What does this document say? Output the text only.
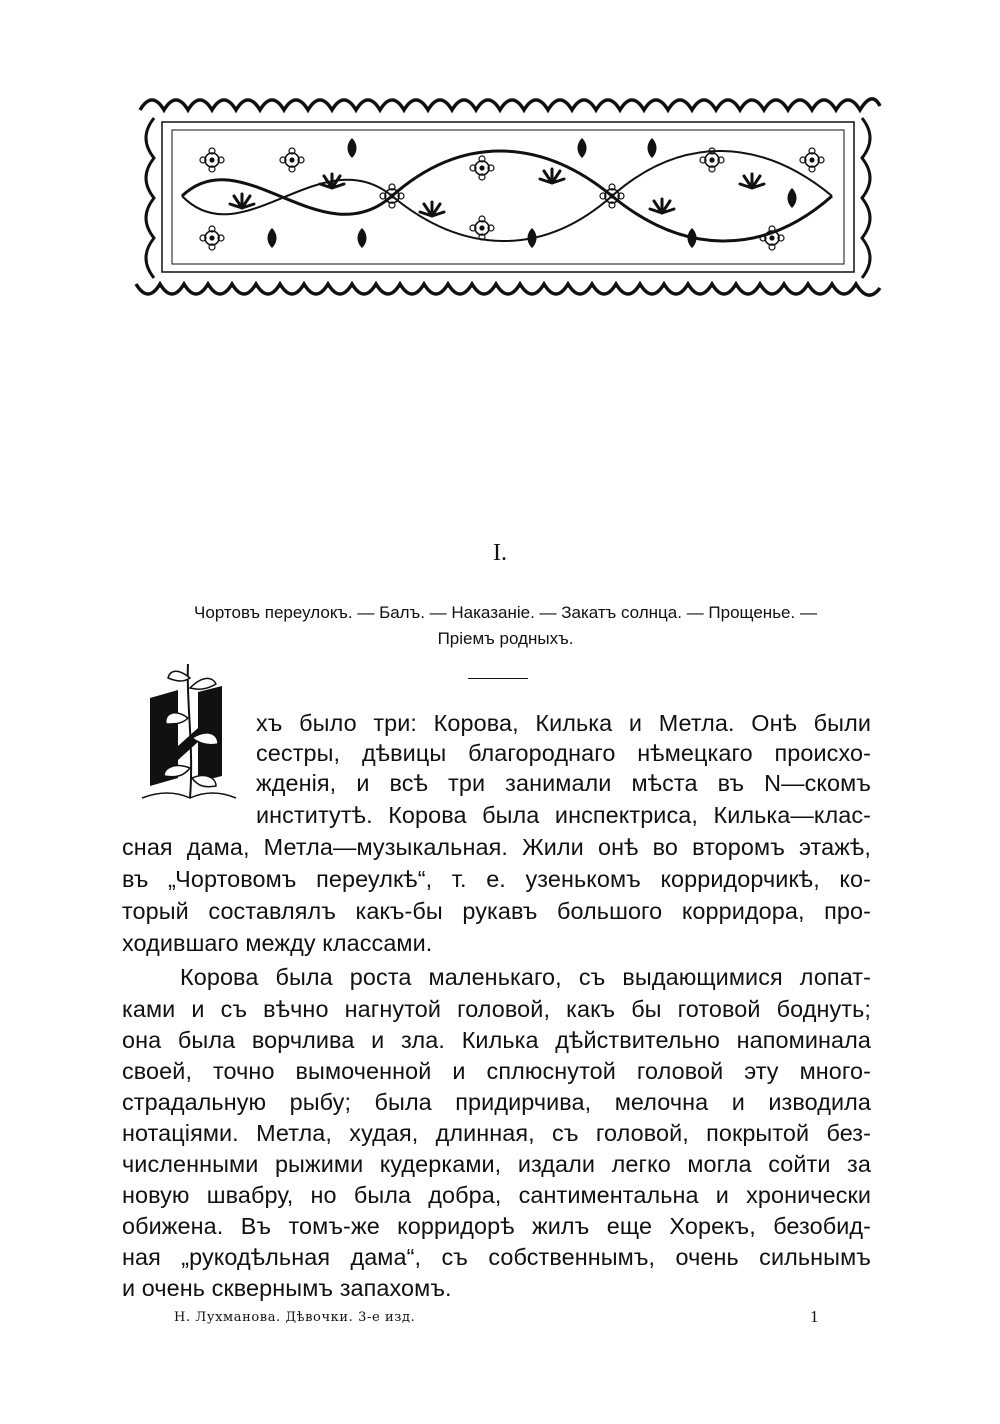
I.
Чортовъ переулокъ. — Балъ. — Наказаніе. — Закатъ солнца. — Прощенье. —
Пріемъ родныхъ.
И
хъ было три: Корова, Килька и Метла. Онѣ были
сестры, дѣвицы благороднаго нѣмецкаго происхо-
жденія, и всѣ три занимали мѣста въ N—скомъ
институтѣ. Корова была инспектриса, Килька—клас-
сная дама, Метла—музыкальная. Жили онѣ во второмъ этажѣ,
въ „Чортовомъ переулкѣ“, т. е. узенькомъ корридорчикѣ, ко-
торый составлялъ какъ-бы рукавъ большого корридора, про-
ходившаго между классами.
Корова была роста маленькаго, съ выдающимися лопат-
ками и съ вѣчно нагнутой головой, какъ бы готовой боднуть;
она была ворчлива и зла. Килька дѣйствительно напоминала
своей, точно вымоченной и сплюснутой головой эту много-
страдальную рыбу; была придирчива, мелочна и изводила
нотаціями. Метла, худая, длинная, съ головой, покрытой без-
численными рыжими кудерками, издали легко могла сойти за
новую швабру, но была добра, сантиментальна и хронически
обижена. Въ томъ-же корридорѣ жилъ еще Хорекъ, безобид-
ная „рукодѣльная дама“, съ собственнымъ, очень сильнымъ
и очень сквернымъ запахомъ.
Н. Лухманова. Дѣвочки. 3-е изд.	1
